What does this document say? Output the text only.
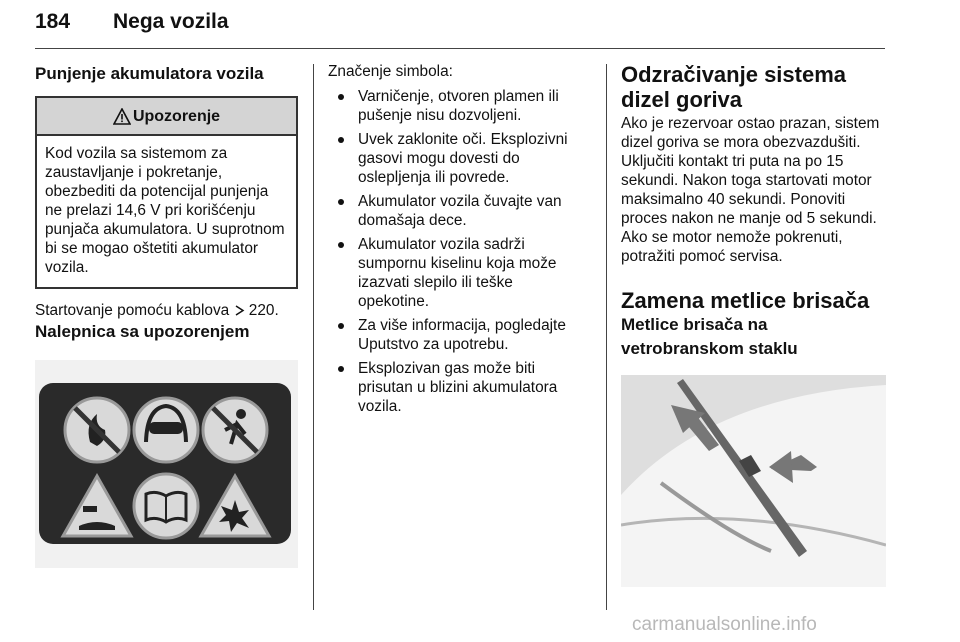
184 Nega vozila
Punjenje akumulatora vozila
Upozorenje
Kod vozila sa sistemom za zaustavljanje i pokretanje, obezbediti da potencijal punjenja ne prelazi 14,6 V pri korišćenju punjača akumulatora. U suprotnom bi se mogao oštetiti akumulator vozila.

Startovanje pomoću kablova 220.

Nalepnica sa upozorenjem

Značenje simbola:

Varničenje, otvoren plamen ili pušenje nisu dozvoljeni.
Uvek zaklonite oči. Eksplozivni gasovi mogu dovesti do oslepljenja ili povrede.
Akumulator vozila čuvajte van domašaja dece.
Akumulator vozila sadrži sumpornu kiselinu koja može izazvati slepilo ili teške opekotine.
Za više informacija, pogledajte Uputstvo za upotrebu.
Eksplozivan gas može biti prisutan u blizini akumulatora vozila.
Odzračivanje sistema dizel goriva

Ako je rezervoar ostao prazan, sistem dizel goriva se mora obezvazdušiti. Uključiti kontakt tri puta na po 15 sekundi. Nakon toga startovati motor maksimalno 40 sekundi. Ponoviti proces nakon ne manje od 5 sekundi. Ako se motor nemože pokrenuti, potražiti pomoć servisa.

Zamena metlice brisača
Metlice brisača na vetrobranskom staklu
carmanualsonline.info
